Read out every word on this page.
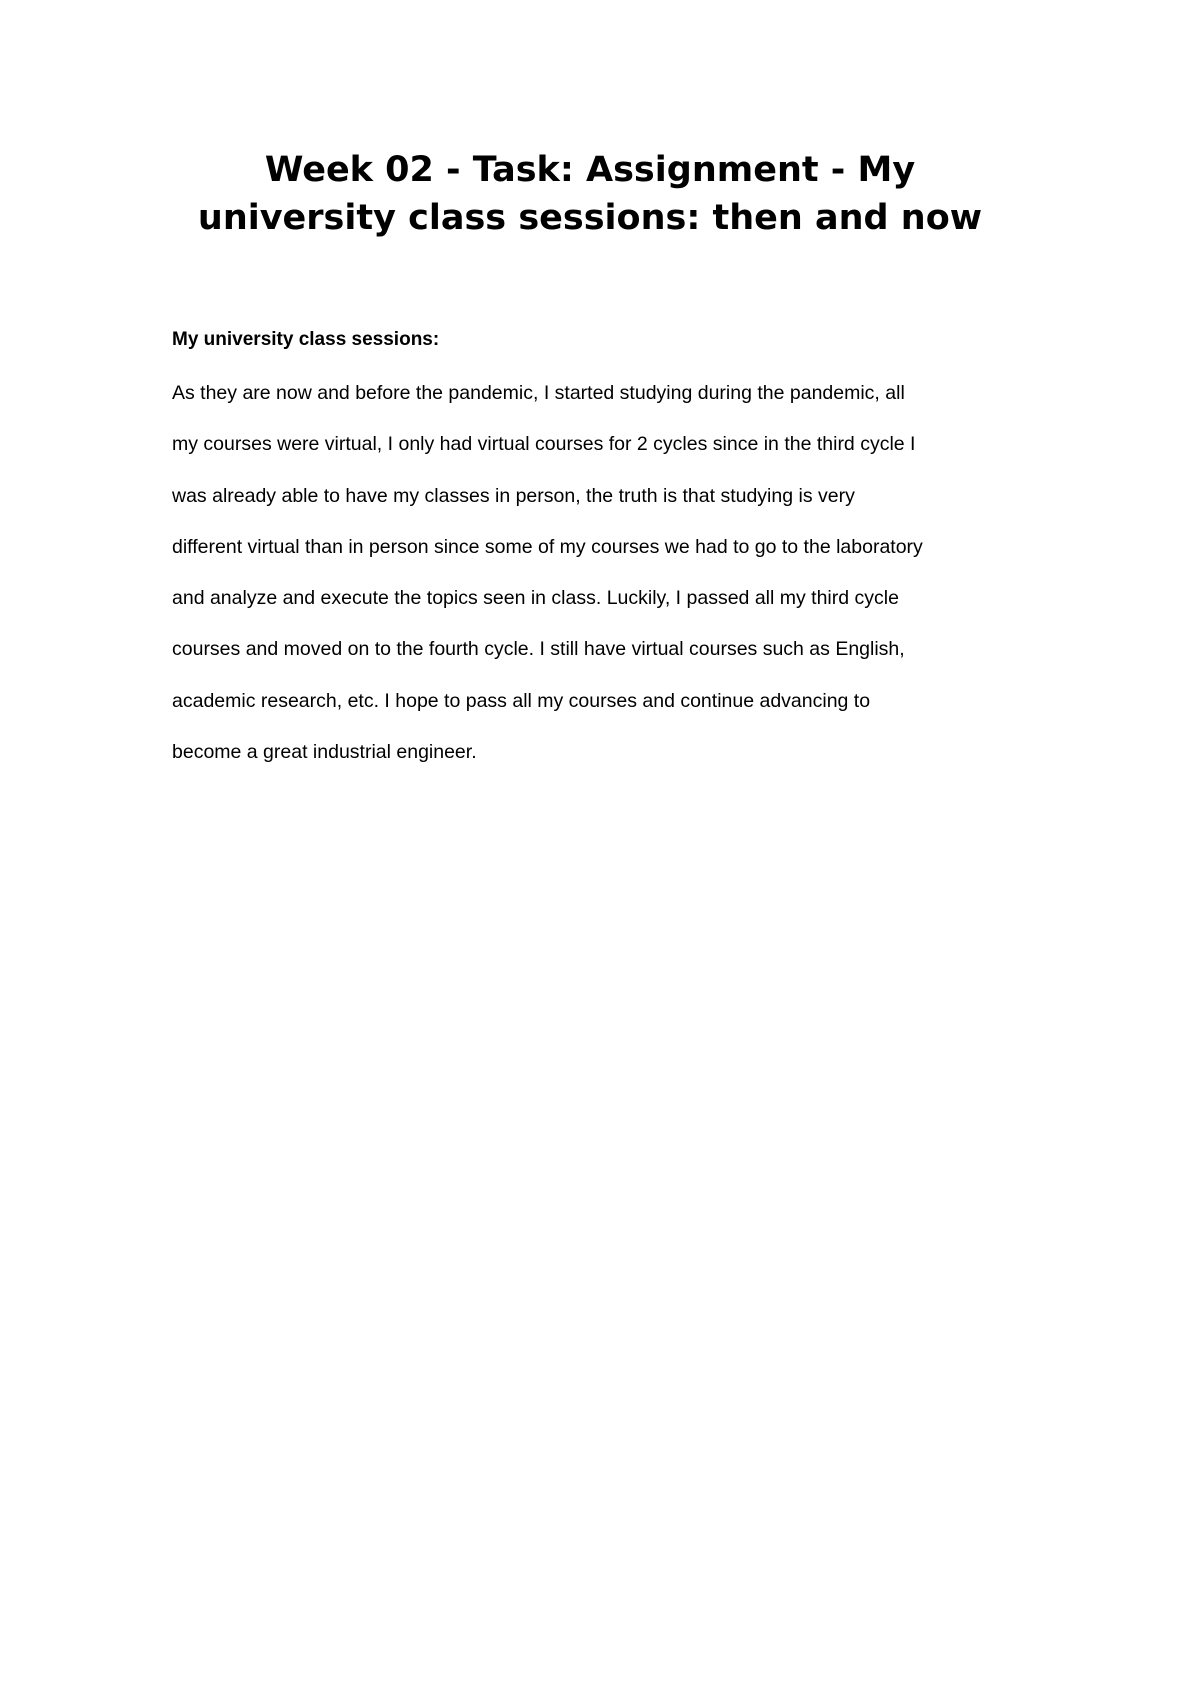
Week 02 - Task: Assignment - My
university class sessions: then and now

My university class sessions:

As they are now and before the pandemic, I started studying during the pandemic, all
my courses were virtual, I only had virtual courses for 2 cycles since in the third cycle I
was already able to have my classes in person, the truth is that studying is very
different virtual than in person since some of my courses we had to go to the laboratory
and analyze and execute the topics seen in class. Luckily, I passed all my third cycle
courses and moved on to the fourth cycle. I still have virtual courses such as English,
academic research, etc. I hope to pass all my courses and continue advancing to
become a great industrial engineer.
